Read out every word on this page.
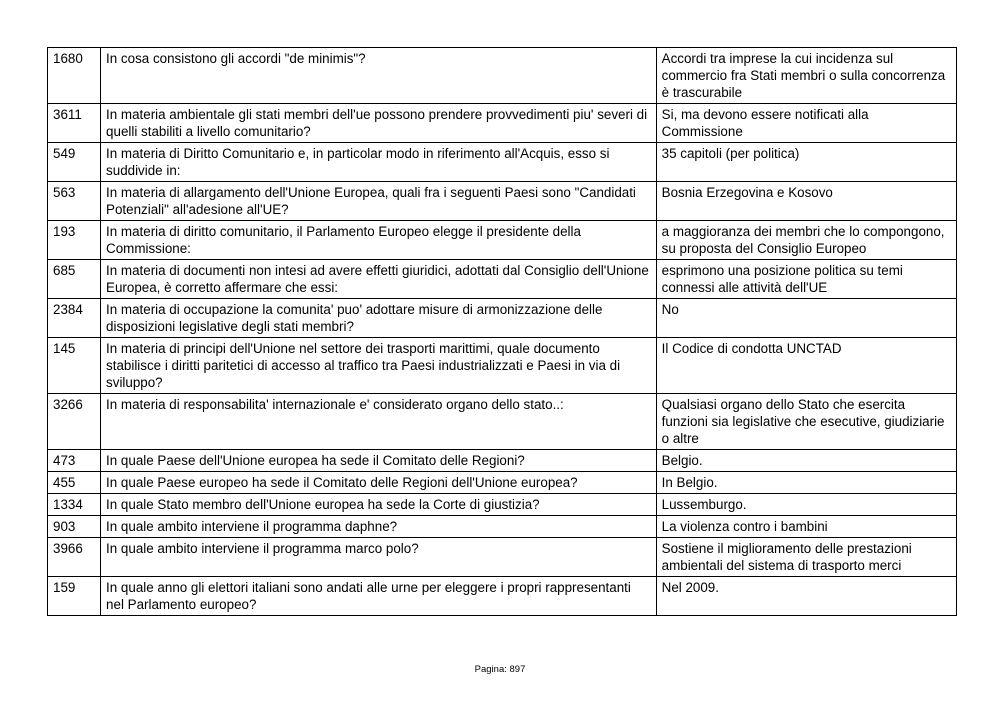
1680	In cosa consistono gli accordi "de minimis"?	Accordi tra imprese la cui incidenza sul commercio fra Stati membri o sulla concorrenza è trascurabile
3611	In materia ambientale gli stati membri dell'ue possono prendere provvedimenti piu' severi di quelli stabiliti a livello comunitario?	Si, ma devono essere notificati alla Commissione
549	In materia di Diritto Comunitario e, in particolar modo in riferimento all'Acquis, esso si suddivide in:	35 capitoli (per politica)
563	In materia di allargamento dell'Unione Europea, quali fra i seguenti Paesi sono "Candidati Potenziali" all'adesione all'UE?	Bosnia Erzegovina e Kosovo
193	In materia di diritto comunitario, il Parlamento Europeo elegge il presidente della Commissione:	a maggioranza dei membri che lo compongono, su proposta del Consiglio Europeo
685	In materia di documenti non intesi ad avere effetti giuridici, adottati dal Consiglio dell'Unione Europea, è corretto affermare che essi:	esprimono una posizione politica su temi connessi alle attività dell'UE
2384	In materia di occupazione la comunita' puo' adottare misure di armonizzazione delle disposizioni legislative degli stati membri?	No
145	In materia di principi dell'Unione nel settore dei trasporti marittimi, quale documento stabilisce i diritti paritetici di accesso al traffico tra Paesi industrializzati e Paesi in via di sviluppo?	Il Codice di condotta UNCTAD
3266	In materia di responsabilita' internazionale e' considerato organo dello stato..:	Qualsiasi organo dello Stato che esercita funzioni sia legislative che esecutive, giudiziarie o altre
473	In quale Paese dell'Unione europea ha sede il Comitato delle Regioni?	Belgio.
455	In quale Paese europeo ha sede il Comitato delle Regioni dell'Unione europea?	In Belgio.
1334	In quale Stato membro dell'Unione europea ha sede la Corte di giustizia?	Lussemburgo.
903	In quale ambito interviene il programma daphne?	La violenza contro i bambini
3966	In quale ambito interviene il programma marco polo?	Sostiene il miglioramento delle prestazioni ambientali del sistema di trasporto merci
159	In quale anno gli elettori italiani sono andati alle urne per eleggere i propri rappresentanti nel Parlamento europeo?	Nel 2009.
Pagina: 897
